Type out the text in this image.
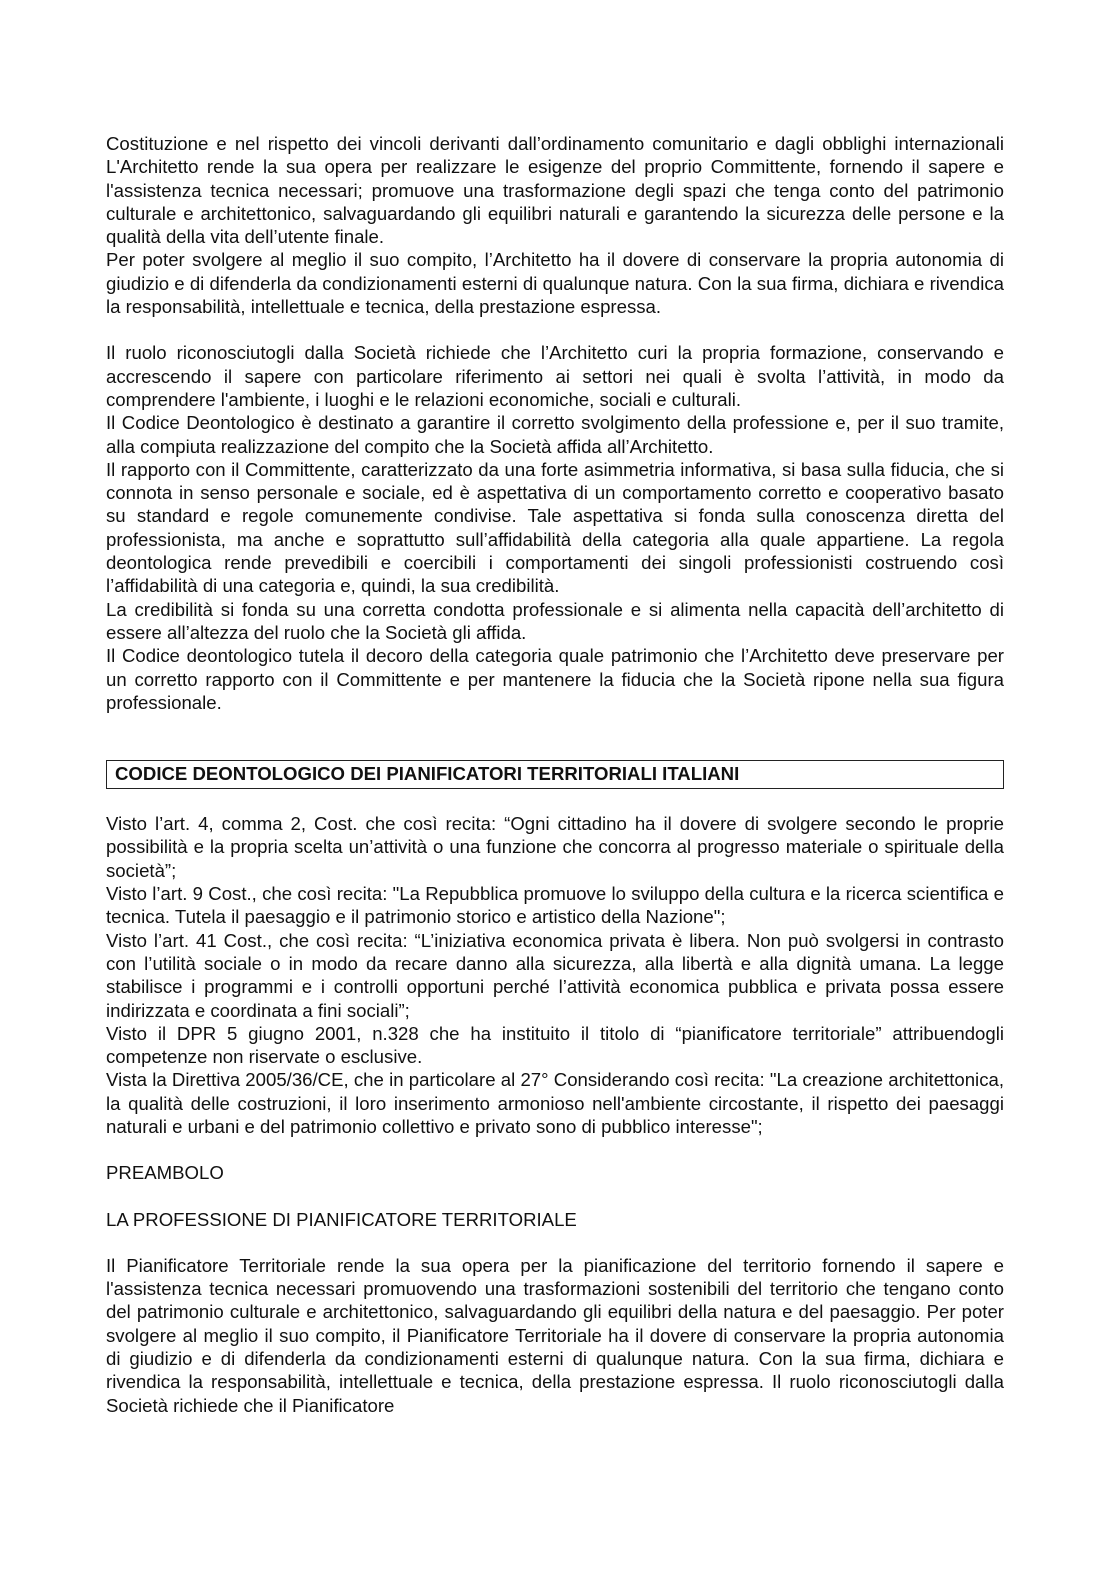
Costituzione e nel rispetto dei vincoli derivanti dall’ordinamento comunitario e dagli obblighi internazionali L'Architetto rende la sua opera per realizzare le esigenze del proprio Committente, fornendo il sapere e l'assistenza tecnica necessari; promuove una trasformazione degli spazi che tenga conto del patrimonio culturale e architettonico, salvaguardando gli equilibri naturali e garantendo la sicurezza delle persone e la qualità della vita dell’utente finale.

Per poter svolgere al meglio il suo compito, l’Architetto ha il dovere di conservare la propria autonomia di giudizio e di difenderla da condizionamenti esterni di qualunque natura. Con la sua firma, dichiara e rivendica la responsabilità, intellettuale e tecnica, della prestazione espressa.

Il ruolo riconosciutogli dalla Società richiede che l’Architetto curi la propria formazione, conservando e accrescendo il sapere con particolare riferimento ai settori nei quali è svolta l’attività, in modo da comprendere l'ambiente, i luoghi e le relazioni economiche, sociali e culturali.

Il Codice Deontologico è destinato a garantire il corretto svolgimento della professione e, per il suo tramite, alla compiuta realizzazione del compito che la Società affida all’Architetto.

Il rapporto con il Committente, caratterizzato da una forte asimmetria informativa, si basa sulla fiducia, che si connota in senso personale e sociale, ed è aspettativa di un comportamento corretto e cooperativo basato su standard e regole comunemente condivise. Tale aspettativa si fonda sulla conoscenza diretta del professionista, ma anche e soprattutto sull’affidabilità della categoria alla quale appartiene. La regola deontologica rende prevedibili e coercibili i comportamenti dei singoli professionisti costruendo così l’affidabilità di una categoria e, quindi, la sua credibilità.

La credibilità si fonda su una corretta condotta professionale e si alimenta nella capacità dell’architetto di essere all’altezza del ruolo che la Società gli affida.

Il Codice deontologico tutela il decoro della categoria quale patrimonio che l’Architetto deve preservare per un corretto rapporto con il Committente e per mantenere la fiducia che la Società ripone nella sua figura professionale.

CODICE DEONTOLOGICO DEI PIANIFICATORI TERRITORIALI ITALIANI

Visto l’art. 4, comma 2, Cost. che così recita: “Ogni cittadino ha il dovere di svolgere secondo le proprie possibilità e la propria scelta un’attività o una funzione che concorra al progresso materiale o spirituale della società”;

Visto l’art. 9 Cost., che così recita: "La Repubblica promuove lo sviluppo della cultura e la ricerca scientifica e tecnica. Tutela il paesaggio e il patrimonio storico e artistico della Nazione";

Visto l’art. 41 Cost., che così recita: “L’iniziativa economica privata è libera. Non può svolgersi in contrasto con l’utilità sociale o in modo da recare danno alla sicurezza, alla libertà e alla dignità umana. La legge stabilisce i programmi e i controlli opportuni perché l’attività economica pubblica e privata possa essere indirizzata e coordinata a fini sociali”;

Visto il DPR 5 giugno 2001, n.328 che ha instituito il titolo di “pianificatore territoriale” attribuendogli competenze non riservate o esclusive.

Vista la Direttiva 2005/36/CE, che in particolare al 27° Considerando così recita: "La creazione architettonica, la qualità delle costruzioni, il loro inserimento armonioso nell'ambiente circostante, il rispetto dei paesaggi naturali e urbani e del patrimonio collettivo e privato sono di pubblico interesse";

PREAMBOLO

LA PROFESSIONE DI PIANIFICATORE TERRITORIALE

Il Pianificatore Territoriale rende la sua opera per la pianificazione del territorio fornendo il sapere e l'assistenza tecnica necessari promuovendo una trasformazioni sostenibili del territorio che tengano conto del patrimonio culturale e architettonico, salvaguardando gli equilibri della natura e del paesaggio. Per poter svolgere al meglio il suo compito, il Pianificatore Territoriale ha il dovere di conservare la propria autonomia di giudizio e di difenderla da condizionamenti esterni di qualunque natura. Con la sua firma, dichiara e rivendica la responsabilità, intellettuale e tecnica, della prestazione espressa. Il ruolo riconosciutogli dalla Società richiede che il Pianificatore
